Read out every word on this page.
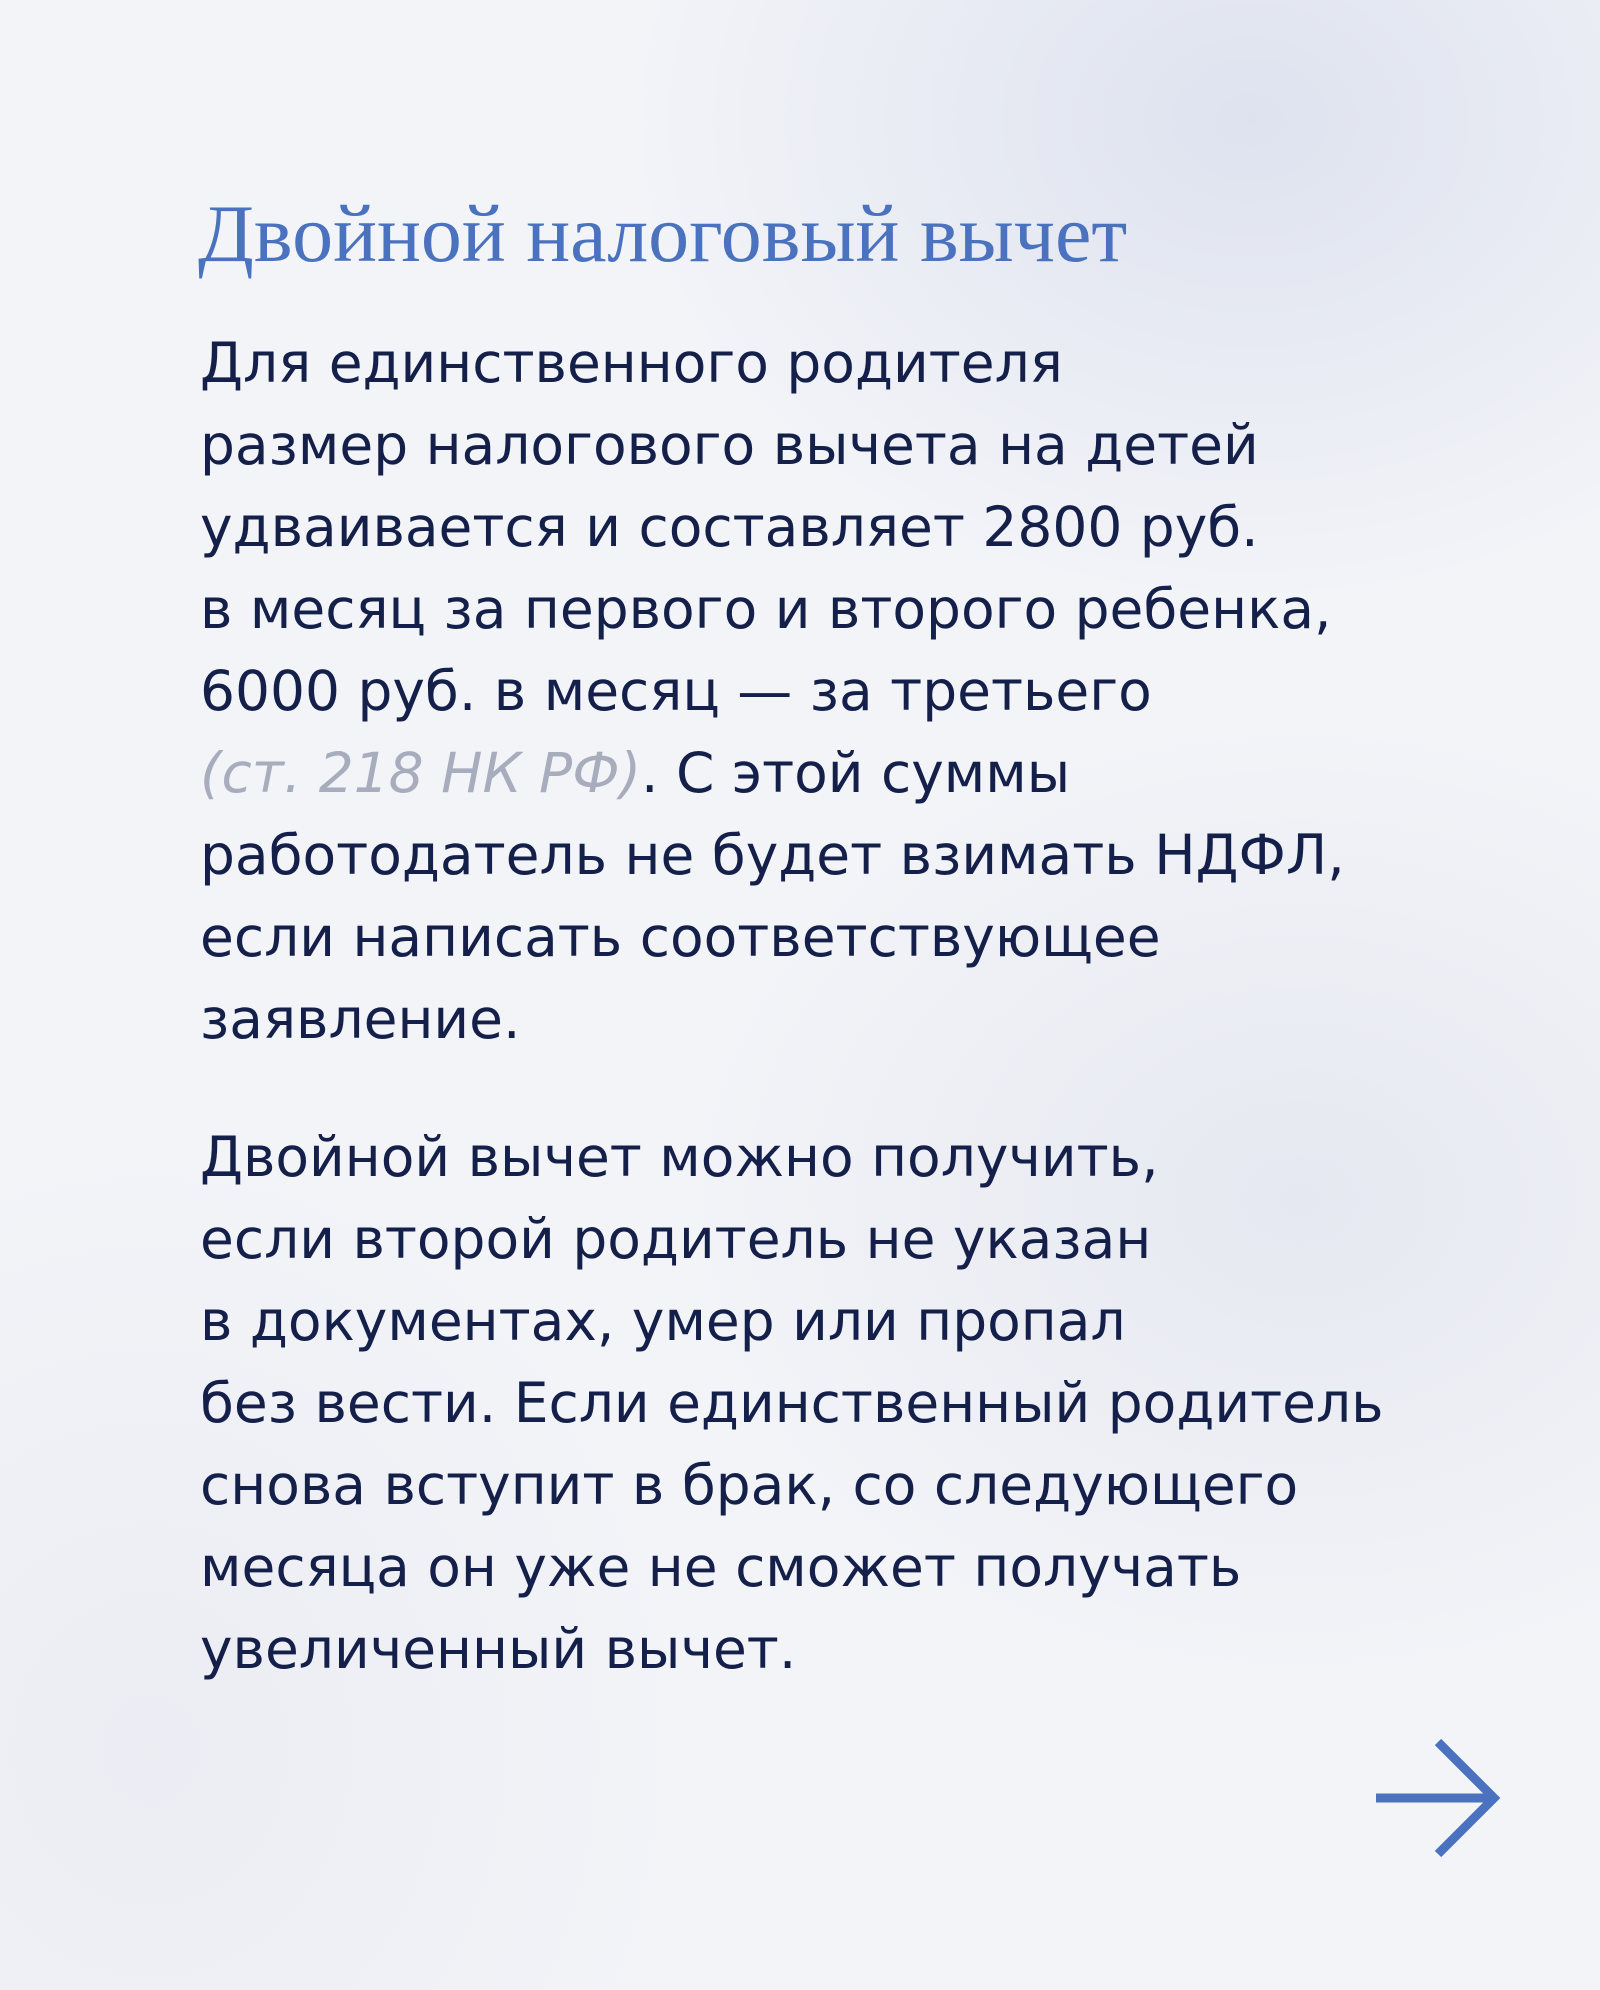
Двойной налоговый вычет

Для единственного родителя
размер налогового вычета на детей
удваивается и составляет 2800 руб.
в месяц за первого и второго ребенка,
6000 руб. в месяц — за третьего
(ст. 218 НК РФ). С этой суммы
работодатель не будет взимать НДФЛ,
если написать соответствующее
заявление.

Двойной вычет можно получить,
если второй родитель не указан
в документах, умер или пропал
без вести. Если единственный родитель
снова вступит в брак, со следующего
месяца он уже не сможет получать
увеличенный вычет.
